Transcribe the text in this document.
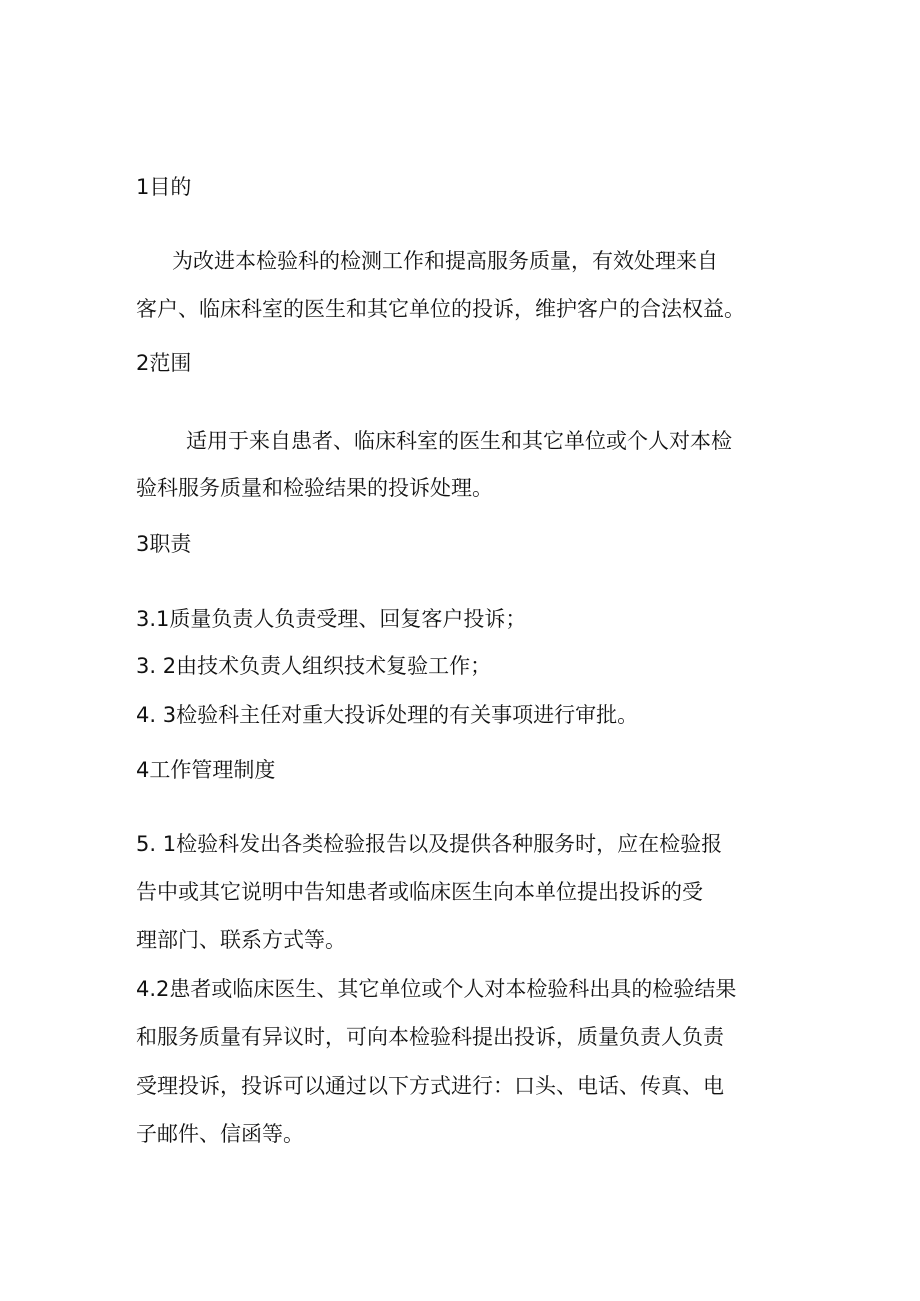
1目的
为改进本检验科的检测工作和提高服务质量，有效处理来自
客户、临床科室的医生和其它单位的投诉，维护客户的合法权益。
2范围
适用于来自患者、临床科室的医生和其它单位或个人对本检
验科服务质量和检验结果的投诉处理。
3职责
3.1质量负责人负责受理、回复客户投诉；
3. 2由技术负责人组织技术复验工作；
4. 3检验科主任对重大投诉处理的有关事项进行审批。
4工作管理制度
5. 1检验科发出各类检验报告以及提供各种服务时，应在检验报
告中或其它说明中告知患者或临床医生向本单位提出投诉的受
理部门、联系方式等。
4.2患者或临床医生、其它单位或个人对本检验科出具的检验结果
和服务质量有异议时，可向本检验科提出投诉，质量负责人负责
受理投诉，投诉可以通过以下方式进行：口头、电话、传真、电
子邮件、信函等。
